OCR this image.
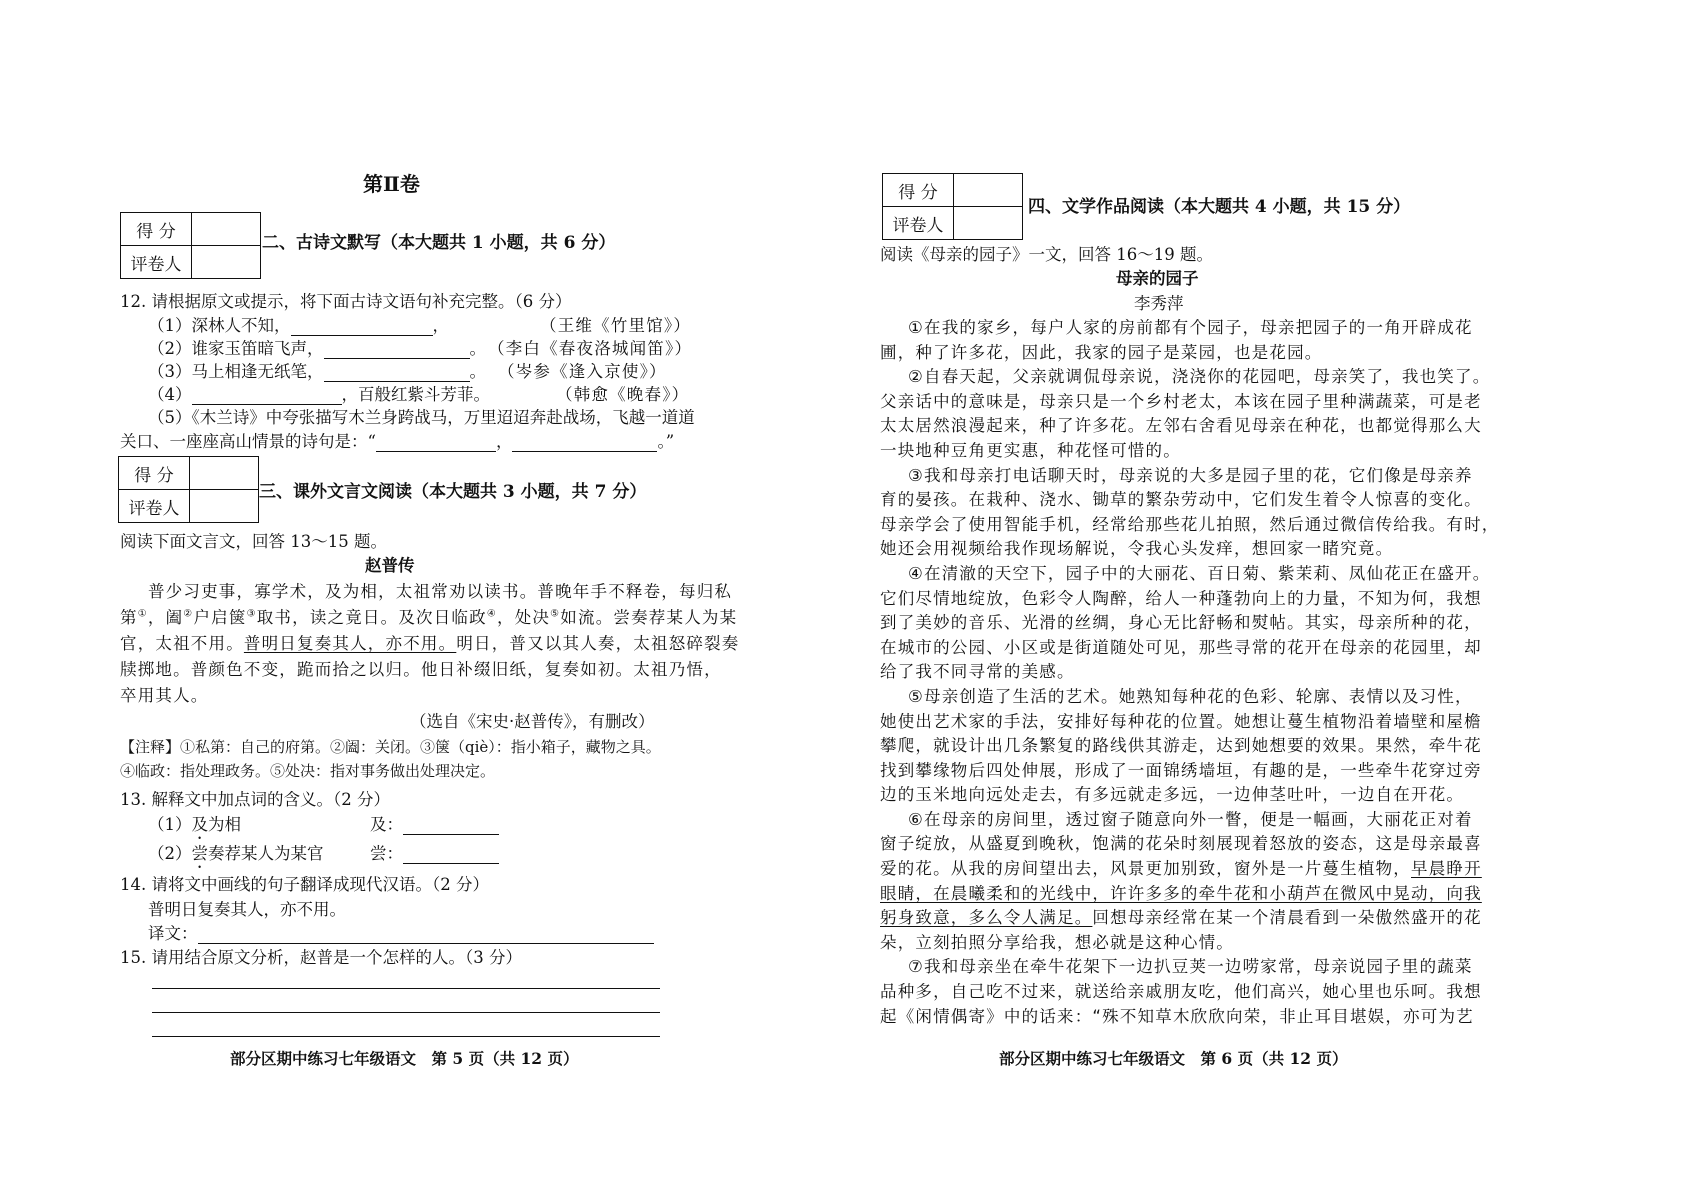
第Ⅱ卷
得 分	
评卷人	
二、古诗文默写（本大题共 1 小题，共 6 分）
12. 请根据原文或提示，将下面古诗文语句补充完整。（6 分）
（1）深林人不知，	，	（王维《竹里馆》）
（2）谁家玉笛暗飞声，	。 （李白《春夜洛城闻笛》）
（3）马上相逢无纸笔，	。 （岑参《逢入京使》）
（4）	，百般红紫斗芳菲。	（韩愈《晚春》）
（5）《木兰诗》中夸张描写木兰身跨战马，万里迢迢奔赴战场，飞越一道道
关口、一座座高山情景的诗句是：“	，	。”
得 分	
评卷人	
三、课外文言文阅读（本大题共 3 小题，共 7 分）
阅读下面文言文，回答 13～15 题。
赵普传
普少习吏事，寡学术，及为相，太祖常劝以读书。普晚年手不释卷，每归私
第①，阖②户启箧③取书，读之竟日。及次日临政④，处决⑤如流。尝奏荐某人为某
官，太祖不用。普明日复奏其人，亦不用。明日，普又以其人奏，太祖怒碎裂奏
牍掷地。普颜色不变，跪而拾之以归。他日补缀旧纸，复奏如初。太祖乃悟，
卒用其人。
（选自《宋史·赵普传》，有删改）
【注释】①私第：自己的府第。②阖：关闭。③箧（qiè）：指小箱子，藏物之具。
④临政：指处理政务。⑤处决：指对事务做出处理决定。
13. 解释文中加点词的含义。（2 分）
（1）及为相	及：
（2）尝奏荐某人为某官	尝：
14. 请将文中画线的句子翻译成现代汉语。（2 分）
普明日复奏其人，亦不用。
译文：
15. 请用结合原文分析，赵普是一个怎样的人。（3 分）
部分区期中练习七年级语文　第 5 页（共 12 页）
得 分	
评卷人	
四、文学作品阅读（本大题共 4 小题，共 15 分）
阅读《母亲的园子》一文，回答 16～19 题。
母亲的园子
李秀萍
①在我的家乡，每户人家的房前都有个园子，母亲把园子的一角开辟成花
圃，种了许多花，因此，我家的园子是菜园，也是花园。
②自春天起，父亲就调侃母亲说，浇浇你的花园吧，母亲笑了，我也笑了。
父亲话中的意味是，母亲只是一个乡村老太，本该在园子里种满蔬菜，可是老
太太居然浪漫起来，种了许多花。左邻右舍看见母亲在种花，也都觉得那么大
一块地种豆角更实惠，种花怪可惜的。
③我和母亲打电话聊天时，母亲说的大多是园子里的花，它们像是母亲养
育的晏孩。在栽种、浇水、锄草的繁杂劳动中，它们发生着令人惊喜的变化。
母亲学会了使用智能手机，经常给那些花儿拍照，然后通过微信传给我。有时，
她还会用视频给我作现场解说，令我心头发痒，想回家一睹究竟。
④在清澈的天空下，园子中的大丽花、百日菊、紫茉莉、凤仙花正在盛开。
它们尽情地绽放，色彩令人陶醉，给人一种蓬勃向上的力量，不知为何，我想
到了美妙的音乐、光滑的丝绸，身心无比舒畅和熨帖。其实，母亲所种的花，
在城市的公园、小区或是街道随处可见，那些寻常的花开在母亲的花园里，却
给了我不同寻常的美感。
⑤母亲创造了生活的艺术。她熟知每种花的色彩、轮廓、表情以及习性，
她使出艺术家的手法，安排好每种花的位置。她想让蔓生植物沿着墙壁和屋檐
攀爬，就设计出几条繁复的路线供其游走，达到她想要的效果。果然，牵牛花
找到攀缘物后四处伸展，形成了一面锦绣墙垣，有趣的是，一些牵牛花穿过旁
边的玉米地向远处走去，有多远就走多远，一边伸茎吐叶，一边自在开花。
⑥在母亲的房间里，透过窗子随意向外一瞥，便是一幅画，大丽花正对着
窗子绽放，从盛夏到晚秋，饱满的花朵时刻展现着怒放的姿态，这是母亲最喜
爱的花。从我的房间望出去，风景更加别致，窗外是一片蔓生植物，早晨睁开
眼睛，在晨曦柔和的光线中，许许多多的牵牛花和小葫芦在微风中晃动，向我
躬身致意，多么令人满足。回想母亲经常在某一个清晨看到一朵傲然盛开的花
朵，立刻拍照分享给我，想必就是这种心情。
⑦我和母亲坐在牵牛花架下一边扒豆荚一边唠家常，母亲说园子里的蔬菜
品种多，自己吃不过来，就送给亲戚朋友吃，他们高兴，她心里也乐呵。我想
起《闲情偶寄》中的话来：“殊不知草木欣欣向荣，非止耳目堪娱，亦可为艺
部分区期中练习七年级语文　第 6 页（共 12 页）
